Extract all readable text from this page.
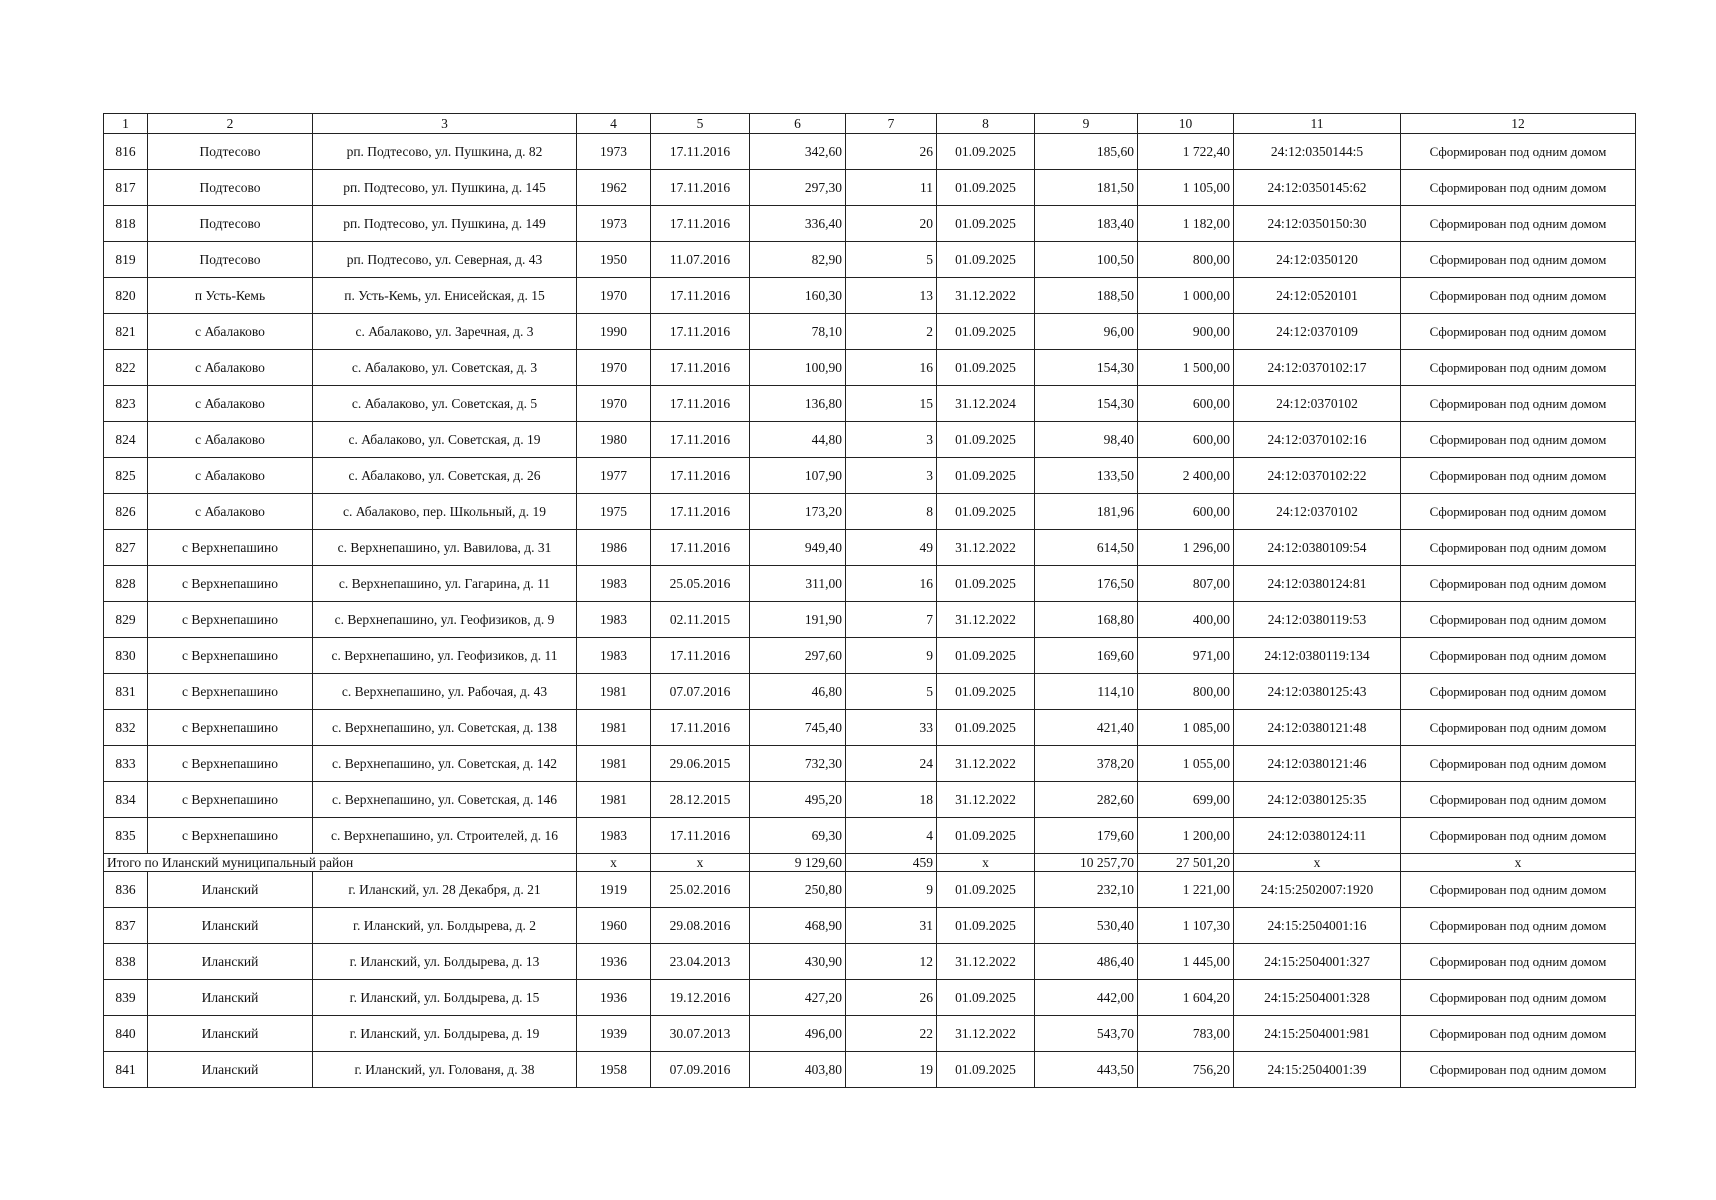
1	2	3	4	5	6	7	8	9	10	11	12
816	Подтесово	рп. Подтесово, ул. Пушкина, д. 82	1973	17.11.2016	342,60	26	01.09.2025	185,60	1 722,40	24:12:0350144:5	Сформирован под одним домом
817	Подтесово	рп. Подтесово, ул. Пушкина, д. 145	1962	17.11.2016	297,30	11	01.09.2025	181,50	1 105,00	24:12:0350145:62	Сформирован под одним домом
818	Подтесово	рп. Подтесово, ул. Пушкина, д. 149	1973	17.11.2016	336,40	20	01.09.2025	183,40	1 182,00	24:12:0350150:30	Сформирован под одним домом
819	Подтесово	рп. Подтесово, ул. Северная, д. 43	1950	11.07.2016	82,90	5	01.09.2025	100,50	800,00	24:12:0350120	Сформирован под одним домом
820	п Усть-Кемь	п. Усть-Кемь, ул. Енисейская, д. 15	1970	17.11.2016	160,30	13	31.12.2022	188,50	1 000,00	24:12:0520101	Сформирован под одним домом
821	с Абалаково	с. Абалаково, ул. Заречная, д. 3	1990	17.11.2016	78,10	2	01.09.2025	96,00	900,00	24:12:0370109	Сформирован под одним домом
822	с Абалаково	с. Абалаково, ул. Советская, д. 3	1970	17.11.2016	100,90	16	01.09.2025	154,30	1 500,00	24:12:0370102:17	Сформирован под одним домом
823	с Абалаково	с. Абалаково, ул. Советская, д. 5	1970	17.11.2016	136,80	15	31.12.2024	154,30	600,00	24:12:0370102	Сформирован под одним домом
824	с Абалаково	с. Абалаково, ул. Советская, д. 19	1980	17.11.2016	44,80	3	01.09.2025	98,40	600,00	24:12:0370102:16	Сформирован под одним домом
825	с Абалаково	с. Абалаково, ул. Советская, д. 26	1977	17.11.2016	107,90	3	01.09.2025	133,50	2 400,00	24:12:0370102:22	Сформирован под одним домом
826	с Абалаково	с. Абалаково, пер. Школьный, д. 19	1975	17.11.2016	173,20	8	01.09.2025	181,96	600,00	24:12:0370102	Сформирован под одним домом
827	с Верхнепашино	с. Верхнепашино, ул. Вавилова, д. 31	1986	17.11.2016	949,40	49	31.12.2022	614,50	1 296,00	24:12:0380109:54	Сформирован под одним домом
828	с Верхнепашино	с. Верхнепашино, ул. Гагарина, д. 11	1983	25.05.2016	311,00	16	01.09.2025	176,50	807,00	24:12:0380124:81	Сформирован под одним домом
829	с Верхнепашино	с. Верхнепашино, ул. Геофизиков, д. 9	1983	02.11.2015	191,90	7	31.12.2022	168,80	400,00	24:12:0380119:53	Сформирован под одним домом
830	с Верхнепашино	с. Верхнепашино, ул. Геофизиков, д. 11	1983	17.11.2016	297,60	9	01.09.2025	169,60	971,00	24:12:0380119:134	Сформирован под одним домом
831	с Верхнепашино	с. Верхнепашино, ул. Рабочая, д. 43	1981	07.07.2016	46,80	5	01.09.2025	114,10	800,00	24:12:0380125:43	Сформирован под одним домом
832	с Верхнепашино	с. Верхнепашино, ул. Советская, д. 138	1981	17.11.2016	745,40	33	01.09.2025	421,40	1 085,00	24:12:0380121:48	Сформирован под одним домом
833	с Верхнепашино	с. Верхнепашино, ул. Советская, д. 142	1981	29.06.2015	732,30	24	31.12.2022	378,20	1 055,00	24:12:0380121:46	Сформирован под одним домом
834	с Верхнепашино	с. Верхнепашино, ул. Советская, д. 146	1981	28.12.2015	495,20	18	31.12.2022	282,60	699,00	24:12:0380125:35	Сформирован под одним домом
835	с Верхнепашино	с. Верхнепашино, ул. Строителей, д. 16	1983	17.11.2016	69,30	4	01.09.2025	179,60	1 200,00	24:12:0380124:11	Сформирован под одним домом
Итого по Иланский муниципальный район			x	x	9 129,60	459	x	10 257,70	27 501,20	x	x
836	Иланский	г. Иланский, ул. 28 Декабря, д. 21	1919	25.02.2016	250,80	9	01.09.2025	232,10	1 221,00	24:15:2502007:1920	Сформирован под одним домом
837	Иланский	г. Иланский, ул. Болдырева, д. 2	1960	29.08.2016	468,90	31	01.09.2025	530,40	1 107,30	24:15:2504001:16	Сформирован под одним домом
838	Иланский	г. Иланский, ул. Болдырева, д. 13	1936	23.04.2013	430,90	12	31.12.2022	486,40	1 445,00	24:15:2504001:327	Сформирован под одним домом
839	Иланский	г. Иланский, ул. Болдырева, д. 15	1936	19.12.2016	427,20	26	01.09.2025	442,00	1 604,20	24:15:2504001:328	Сформирован под одним домом
840	Иланский	г. Иланский, ул. Болдырева, д. 19	1939	30.07.2013	496,00	22	31.12.2022	543,70	783,00	24:15:2504001:981	Сформирован под одним домом
841	Иланский	г. Иланский, ул. Голованя, д. 38	1958	07.09.2016	403,80	19	01.09.2025	443,50	756,20	24:15:2504001:39	Сформирован под одним домом
